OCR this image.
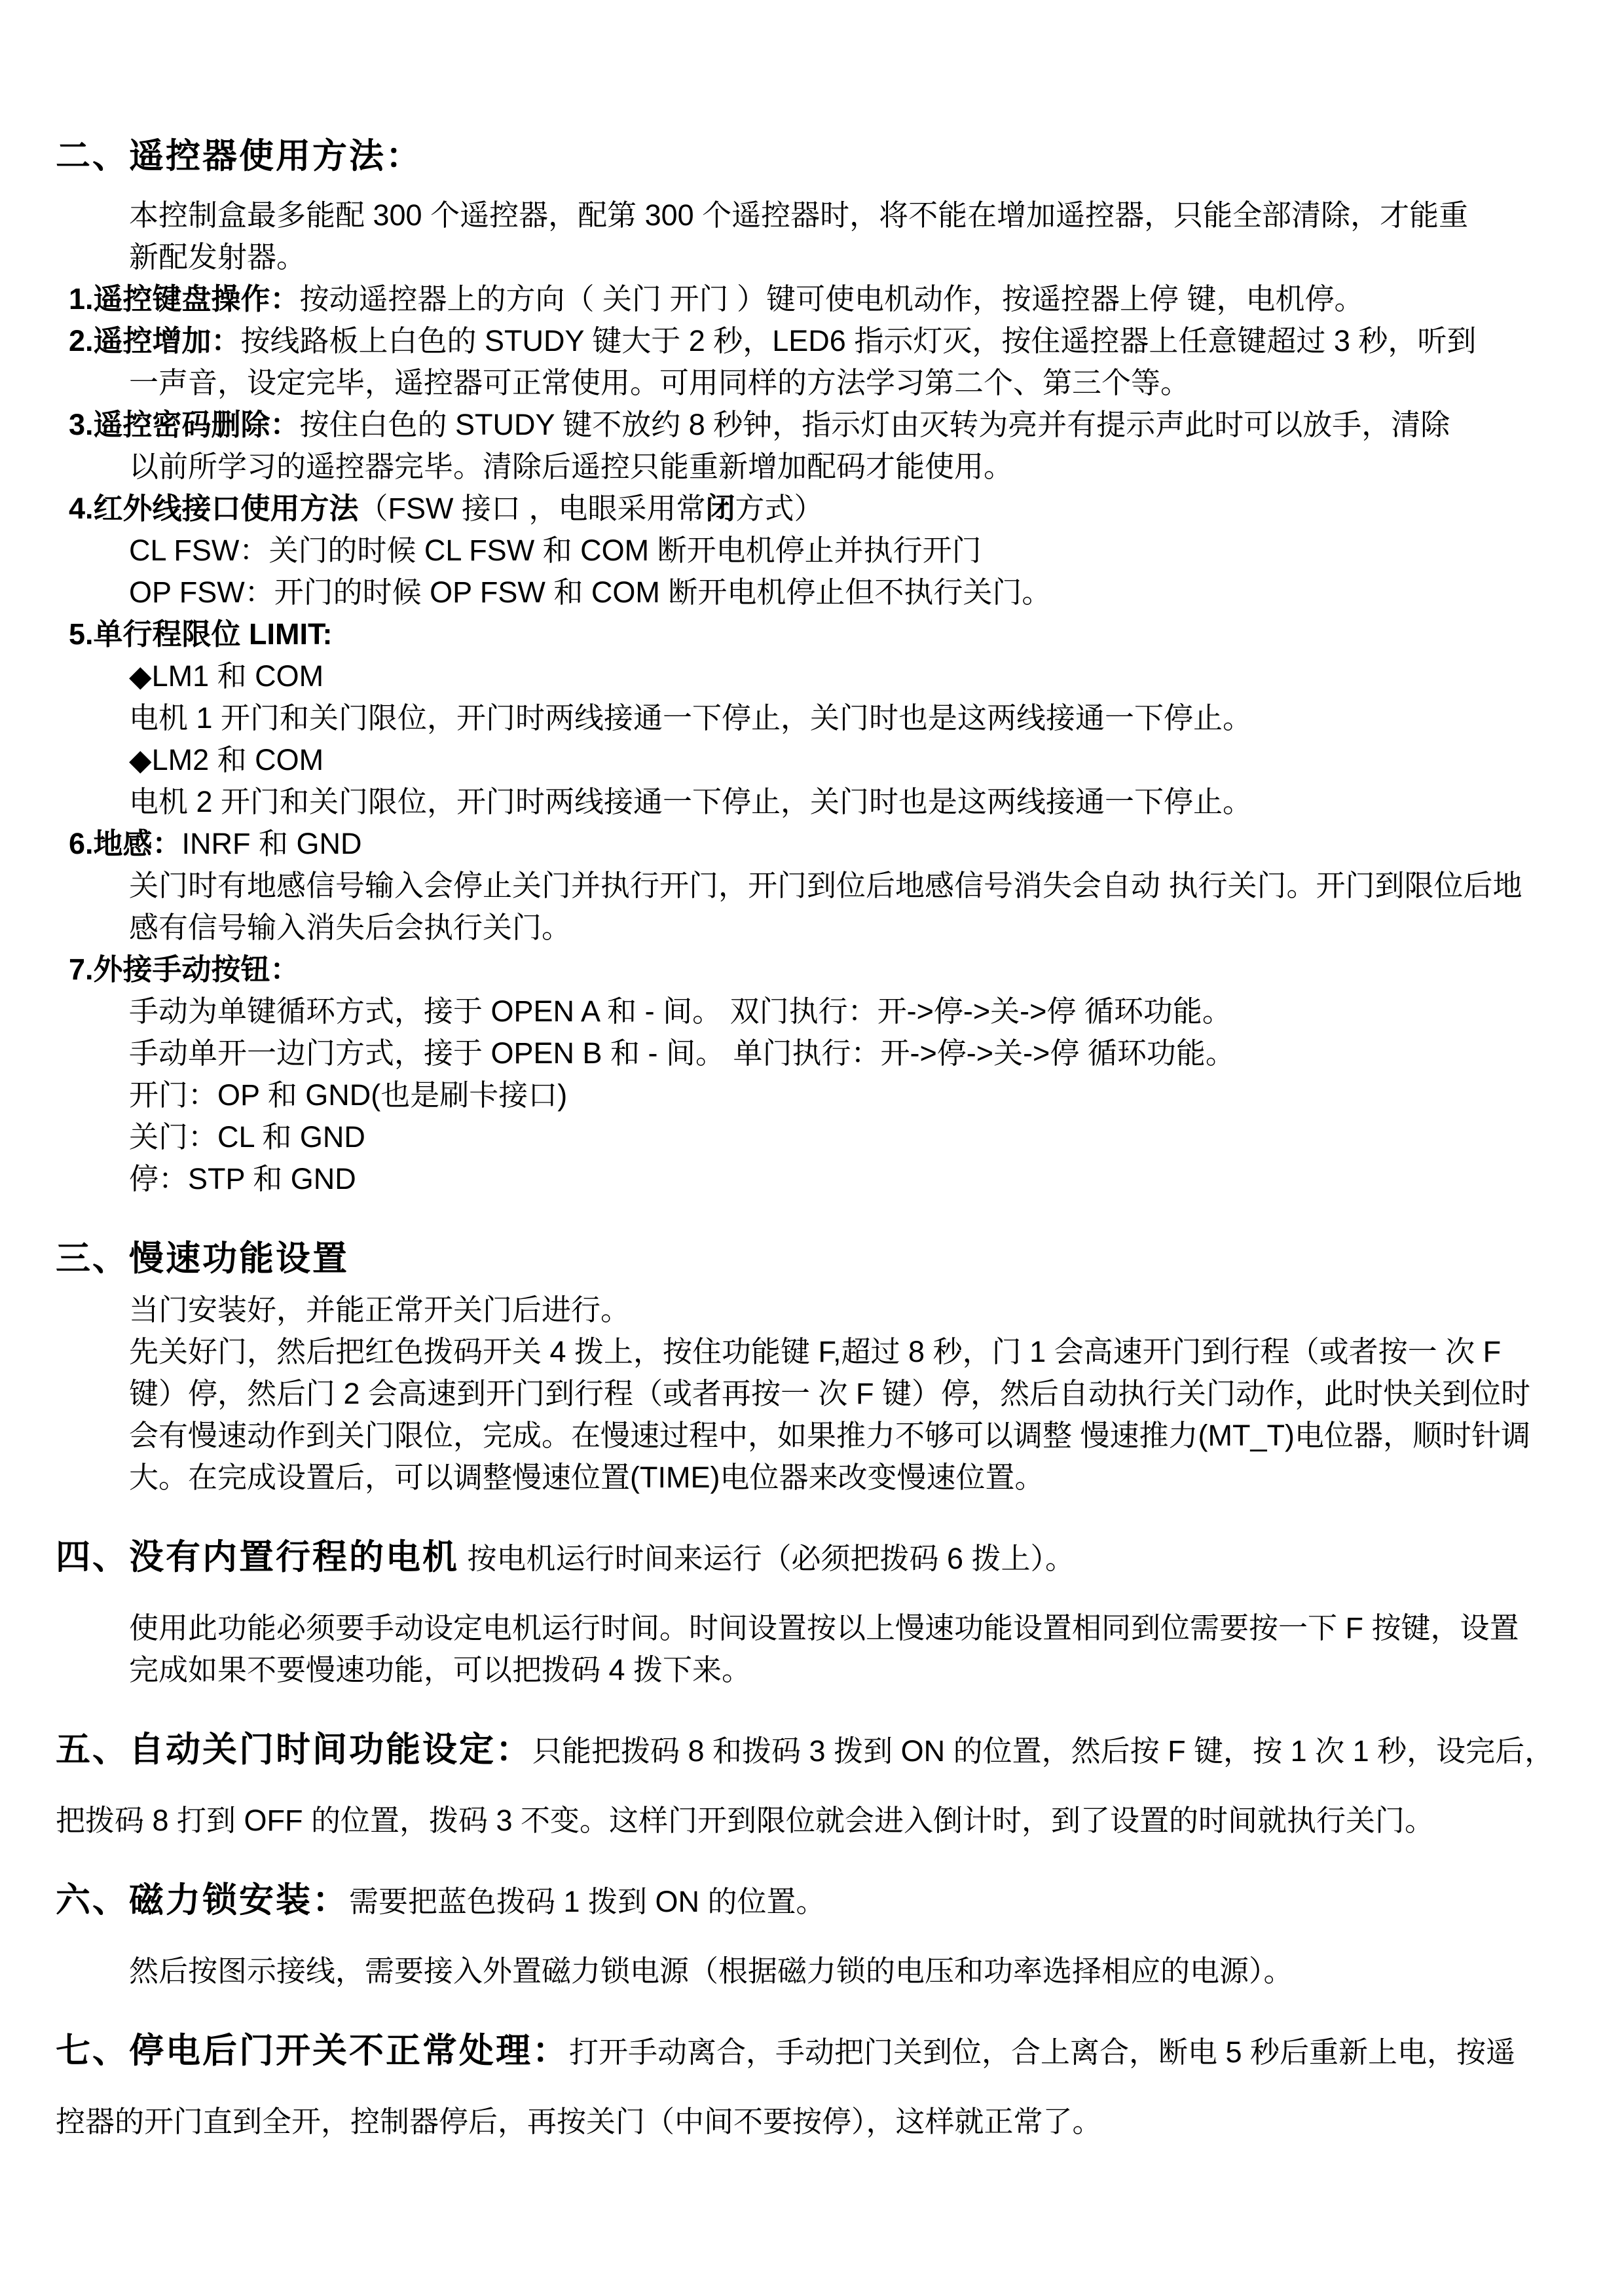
二、遥控器使用方法：
本控制盒最多能配 300 个遥控器，配第 300 个遥控器时，将不能在增加遥控器，只能全部清除，才能重
新配发射器。
1.遥控键盘操作：按动遥控器上的方向（ 关门 开门 ）键可使电机动作，按遥控器上停 键，电机停。
2.遥控增加：按线路板上白色的 STUDY 键大于 2 秒，LED6 指示灯灭，按住遥控器上任意键超过 3 秒，听到
一声音，设定完毕，遥控器可正常使用。可用同样的方法学习第二个、第三个等。
3.遥控密码删除：按住白色的 STUDY 键不放约 8 秒钟，指示灯由灭转为亮并有提示声此时可以放手，清除
以前所学习的遥控器完毕。清除后遥控只能重新增加配码才能使用。
4.红外线接口使用方法（FSW 接口 ，电眼采用常闭方式）
CL FSW：关门的时候 CL FSW 和 COM 断开电机停止并执行开门
OP FSW：开门的时候 OP FSW 和 COM 断开电机停止但不执行关门。
5.单行程限位 LIMIT:
◆LM1 和 COM
电机 1 开门和关门限位，开门时两线接通一下停止，关门时也是这两线接通一下停止。
◆LM2 和 COM
电机 2 开门和关门限位，开门时两线接通一下停止，关门时也是这两线接通一下停止。
6.地感：INRF 和 GND
关门时有地感信号输入会停止关门并执行开门，开门到位后地感信号消失会自动 执行关门。开门到限位后地
感有信号输入消失后会执行关门。
7.外接手动按钮：
手动为单键循环方式，接于 OPEN A 和 - 间。 双门执行：开->停->关->停 循环功能。
手动单开一边门方式，接于 OPEN B 和 - 间。 单门执行：开->停->关->停 循环功能。
开门：OP 和 GND(也是刷卡接口)
关门：CL 和 GND
停：STP 和 GND
三、慢速功能设置
当门安装好，并能正常开关门后进行。
先关好门，然后把红色拨码开关 4 拨上，按住功能键 F,超过 8 秒，门 1 会高速开门到行程（或者按一 次 F
键）停，然后门 2 会高速到开门到行程（或者再按一 次 F 键）停，然后自动执行关门动作，此时快关到位时
会有慢速动作到关门限位，完成。在慢速过程中，如果推力不够可以调整 慢速推力(MT_T)电位器，顺时针调
大。在完成设置后，可以调整慢速位置(TIME)电位器来改变慢速位置。
四、没有内置行程的电机 按电机运行时间来运行（必须把拨码 6 拨上）。
使用此功能必须要手动设定电机运行时间。时间设置按以上慢速功能设置相同到位需要按一下 F 按键，设置
完成如果不要慢速功能，可以把拨码 4 拨下来。
五、自动关门时间功能设定：只能把拨码 8 和拨码 3 拨到 ON 的位置，然后按 F 键，按 1 次 1 秒，设完后，
把拨码 8 打到 OFF 的位置，拨码 3 不变。这样门开到限位就会进入倒计时，到了设置的时间就执行关门。
六、磁力锁安装：需要把蓝色拨码 1 拨到 ON 的位置。
然后按图示接线，需要接入外置磁力锁电源（根据磁力锁的电压和功率选择相应的电源）。
七、停电后门开关不正常处理：打开手动离合，手动把门关到位，合上离合，断电 5 秒后重新上电，按遥
控器的开门直到全开，控制器停后，再按关门（中间不要按停），这样就正常了。
